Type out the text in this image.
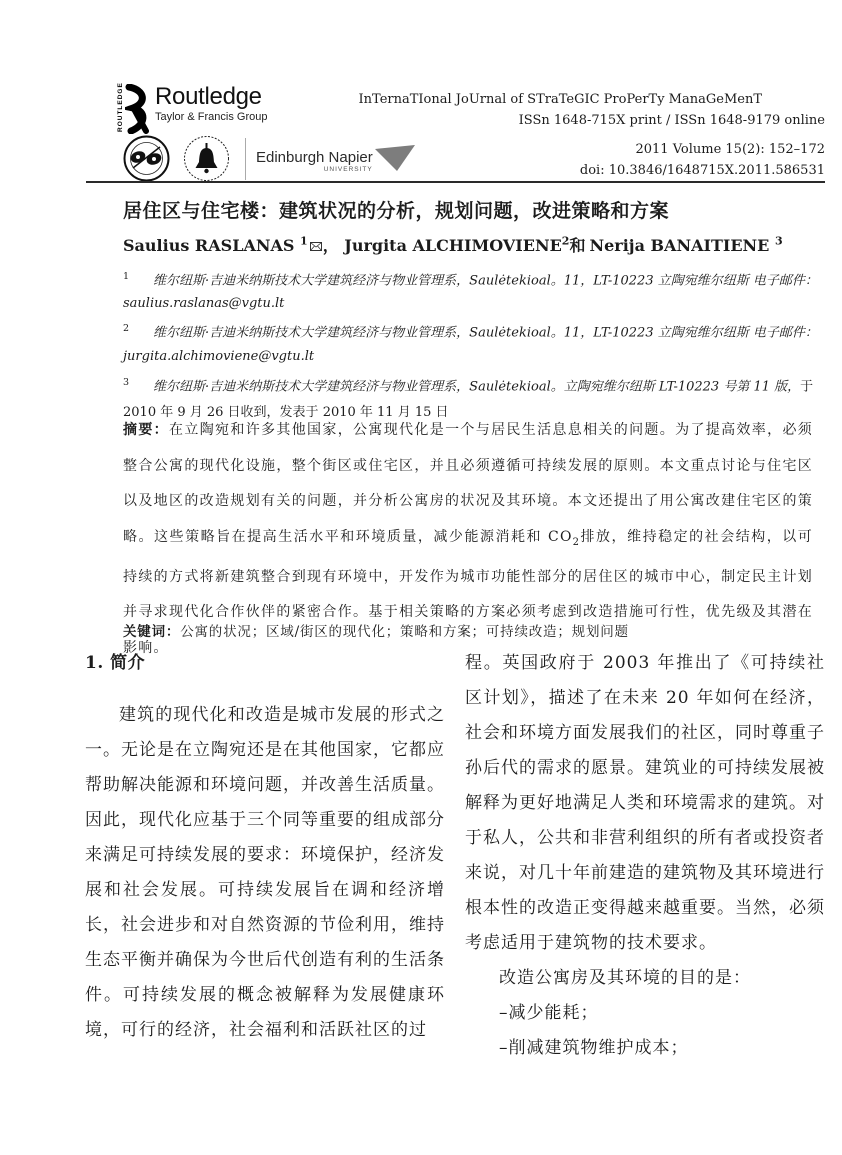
ROUTLEDGE Routledge
Taylor & Francis Group
InTernaTIonal JoUrnal of STraTeGIC ProPerTy ManaGeMenT
ISSn 1648-715X print / ISSn 1648-9179 online
2011 Volume 15(2): 152–172
doi: 10.3846/1648715X.2011.586531
Edinburgh Napier
UNIVERSITY
居住区与住宅楼：建筑状况的分析，规划问题，改进策略和方案
Saulius RASLANAS $^1$ ， Jurgita ALCHIMOVIENE$^2$和 Nerija BANAITIENE $^3$

$^1$ 维尔纽斯·吉迪米纳斯技术大学建筑经济与物业管理系，Saulėtekioal。11，LT-10223 立陶宛维尔纽斯 电子邮件：saulius.raslanas@vgtu.lt

$^2$ 维尔纽斯·吉迪米纳斯技术大学建筑经济与物业管理系，Saulėtekioal。11，LT-10223 立陶宛维尔纽斯 电子邮件：jurgita.alchimoviene@vgtu.lt

$^3$ 维尔纽斯·吉迪米纳斯技术大学建筑经济与物业管理系，Saulėtekioal。立陶宛维尔纽斯 LT-10223 号第 11 版，于 2010 年 9 月 26 日收到，发表于 2010 年 11 月 15 日

摘要：在立陶宛和许多其他国家，公寓现代化是一个与居民生活息息相关的问题。为了提高效率，必须整合公寓的现代化设施，整个街区或住宅区，并且必须遵循可持续发展的原则。本文重点讨论与住宅区以及地区的改造规划有关的问题，并分析公寓房的状况及其环境。本文还提出了用公寓改建住宅区的策略。这些策略旨在提高生活水平和环境质量，减少能源消耗和 $CO_2$排放，维持稳定的社会结构，以可持续的方式将新建筑整合到现有环境中，开发作为城市功能性部分的居住区的城市中心，制定民主计划并寻求现代化合作伙伴的紧密合作。基于相关策略的方案必须考虑到改造措施可行性，优先级及其潜在影响。

关键词：公寓的状况；区域/街区的现代化；策略和方案；可持续改造；规划问题

1. 简介

建筑的现代化和改造是城市发展的形式之一。无论是在立陶宛还是在其他国家，它都应帮助解决能源和环境问题，并改善生活质量。因此，现代化应基于三个同等重要的组成部分来满足可持续发展的要求：环境保护，经济发展和社会发展。可持续发展旨在调和经济增长，社会进步和对自然资源的节俭利用，维持生态平衡并确保为今世后代创造有利的生活条件。可持续发展的概念被解释为发展健康环境，可行的经济，社会福利和活跃社区的过

程。英国政府于 2003 年推出了《可持续社区计划》，描述了在未来 20 年如何在经济，社会和环境方面发展我们的社区，同时尊重子孙后代的需求的愿景。建筑业的可持续发展被解释为更好地满足人类和环境需求的建筑。对于私人，公共和非营利组织的所有者或投资者来说，对几十年前建造的建筑物及其环境进行根本性的改造正变得越来越重要。当然，必须考虑适用于建筑物的技术要求。

改造公寓房及其环境的目的是：

–减少能耗；
–削减建筑物维护成本；
